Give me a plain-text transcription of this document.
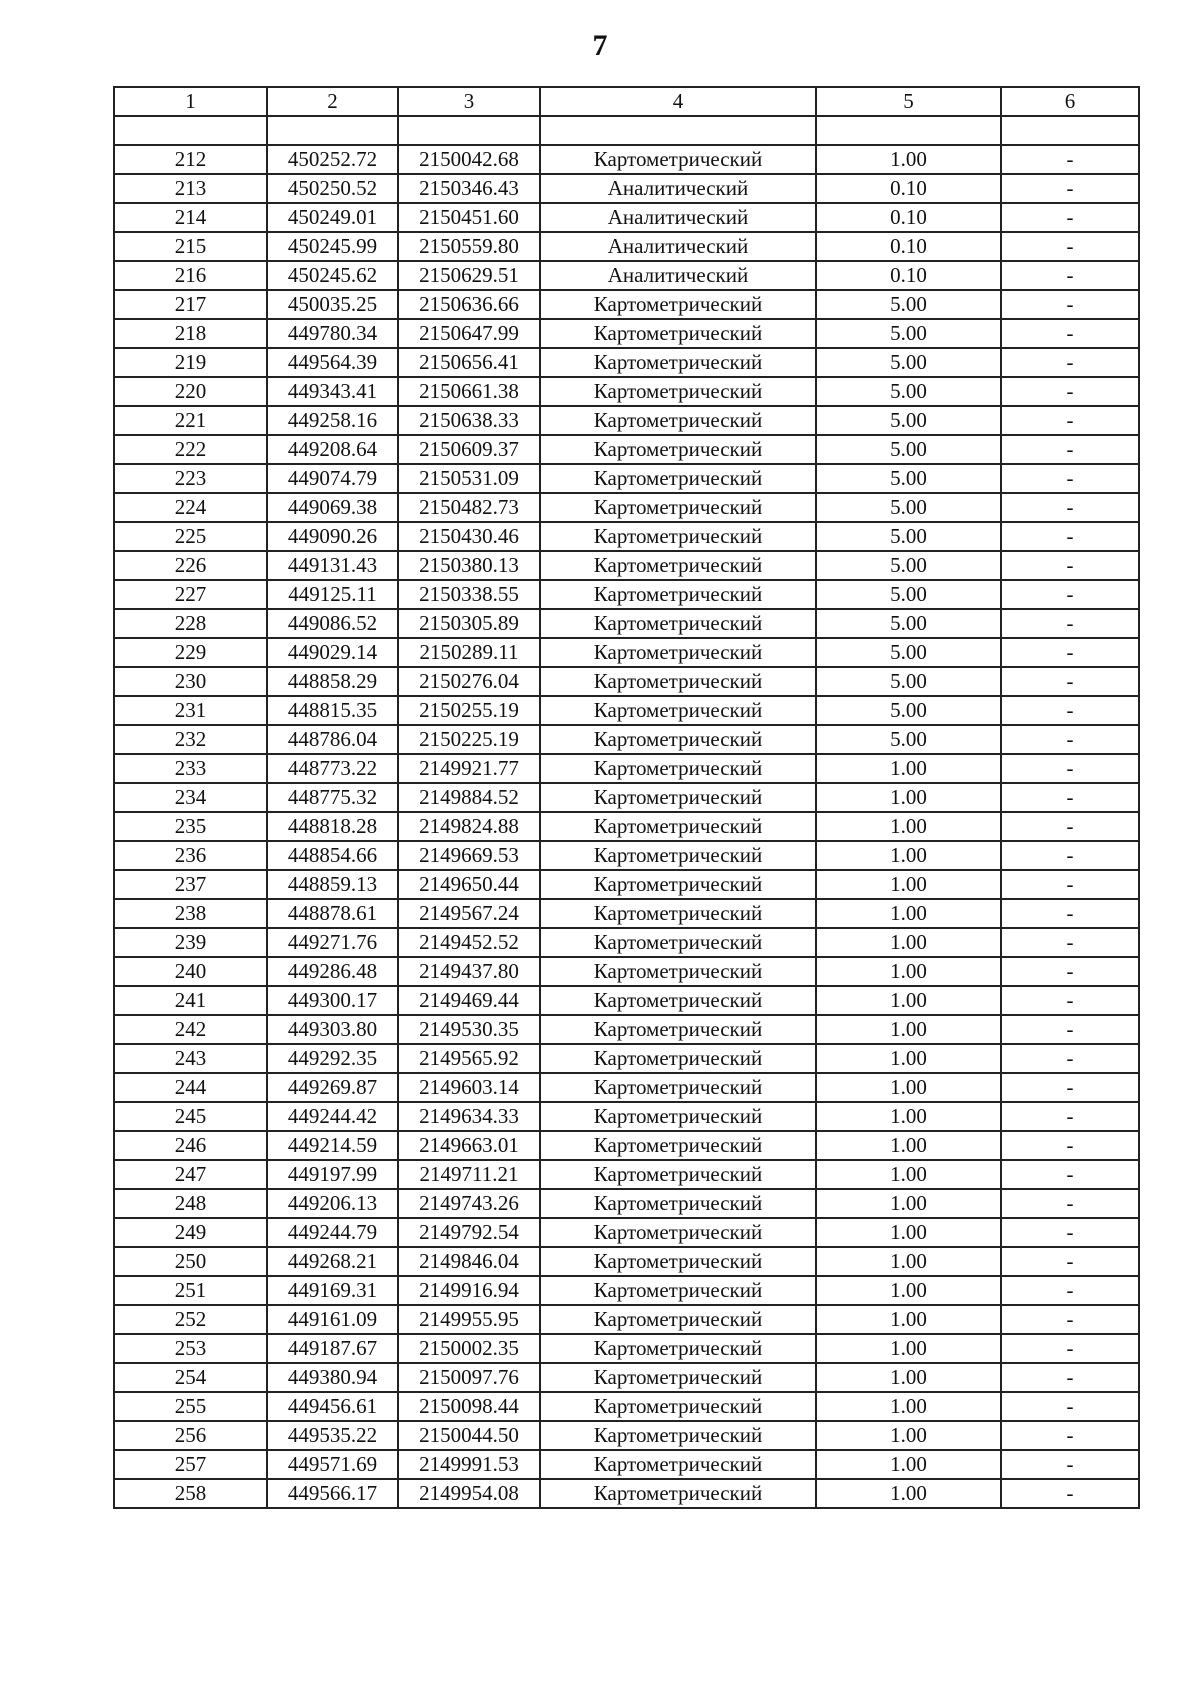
7
1	2	3	4	5	6

212	450252.72	2150042.68	Картометрический	1.00	-
213	450250.52	2150346.43	Аналитический	0.10	-
214	450249.01	2150451.60	Аналитический	0.10	-
215	450245.99	2150559.80	Аналитический	0.10	-
216	450245.62	2150629.51	Аналитический	0.10	-
217	450035.25	2150636.66	Картометрический	5.00	-
218	449780.34	2150647.99	Картометрический	5.00	-
219	449564.39	2150656.41	Картометрический	5.00	-
220	449343.41	2150661.38	Картометрический	5.00	-
221	449258.16	2150638.33	Картометрический	5.00	-
222	449208.64	2150609.37	Картометрический	5.00	-
223	449074.79	2150531.09	Картометрический	5.00	-
224	449069.38	2150482.73	Картометрический	5.00	-
225	449090.26	2150430.46	Картометрический	5.00	-
226	449131.43	2150380.13	Картометрический	5.00	-
227	449125.11	2150338.55	Картометрический	5.00	-
228	449086.52	2150305.89	Картометрический	5.00	-
229	449029.14	2150289.11	Картометрический	5.00	-
230	448858.29	2150276.04	Картометрический	5.00	-
231	448815.35	2150255.19	Картометрический	5.00	-
232	448786.04	2150225.19	Картометрический	5.00	-
233	448773.22	2149921.77	Картометрический	1.00	-
234	448775.32	2149884.52	Картометрический	1.00	-
235	448818.28	2149824.88	Картометрический	1.00	-
236	448854.66	2149669.53	Картометрический	1.00	-
237	448859.13	2149650.44	Картометрический	1.00	-
238	448878.61	2149567.24	Картометрический	1.00	-
239	449271.76	2149452.52	Картометрический	1.00	-
240	449286.48	2149437.80	Картометрический	1.00	-
241	449300.17	2149469.44	Картометрический	1.00	-
242	449303.80	2149530.35	Картометрический	1.00	-
243	449292.35	2149565.92	Картометрический	1.00	-
244	449269.87	2149603.14	Картометрический	1.00	-
245	449244.42	2149634.33	Картометрический	1.00	-
246	449214.59	2149663.01	Картометрический	1.00	-
247	449197.99	2149711.21	Картометрический	1.00	-
248	449206.13	2149743.26	Картометрический	1.00	-
249	449244.79	2149792.54	Картометрический	1.00	-
250	449268.21	2149846.04	Картометрический	1.00	-
251	449169.31	2149916.94	Картометрический	1.00	-
252	449161.09	2149955.95	Картометрический	1.00	-
253	449187.67	2150002.35	Картометрический	1.00	-
254	449380.94	2150097.76	Картометрический	1.00	-
255	449456.61	2150098.44	Картометрический	1.00	-
256	449535.22	2150044.50	Картометрический	1.00	-
257	449571.69	2149991.53	Картометрический	1.00	-
258	449566.17	2149954.08	Картометрический	1.00	-
